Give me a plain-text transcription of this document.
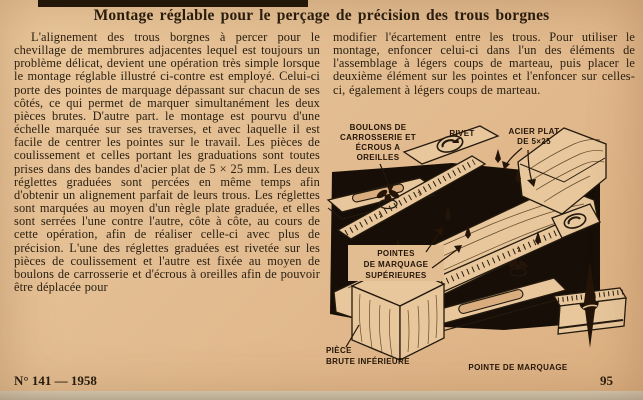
Montage réglable pour le perçage de précision des trous borgnes

L'alignement des trous borgnes à percer pour le chevillage de membrures adjacentes lequel est toujours un problème délicat, devient une opération très simple lorsque le montage réglable illustré ci-contre est employé. Celui-ci porte des pointes de marquage dépassant sur chacun de ses côtés, ce qui permet de marquer simultanément les deux pièces brutes. D'autre part. le montage est pourvu d'une échelle marquée sur ses traverses, et avec laquelle il est facile de centrer les pointes sur le travail. Les pièces de coulissement et celles portant les graduations sont toutes prises dans des bandes d'acier plat de 5 × 25 mm. Les deux réglettes graduées sont percées en même temps afin d'obtenir un alignement parfait de leurs trous. Les réglettes sont marquées au moyen d'un règle plate graduée, et elles sont serrées l'une contre l'autre, côte à côte, au cours de cette opération, afin de réaliser celle-ci avec plus de précision. L'une des réglettes graduées est rivetée sur les pièces de coulissement et l'autre est fixée au moyen de boulons de carrosserie et d'écrous à oreilles afin de pouvoir être déplacée pour

modifier l'écartement entre les trous. Pour utiliser le montage, enfoncer celui-ci dans l'un des éléments de l'assemblage à légers coups de marteau, puis placer le deuxième élément sur les pointes et l'enfoncer sur celles-ci, également à légers coups de marteau.

BOULONS DE
CARROSSERIE ET
ÉCROUS A
OREILLES
RIVET	ACIER PLAT
DE 5×25
POINTES
DE MARQUAGE
SUPÉRIEURES
PIÈCE
BRUTE INFÉRIEURE
POINTE DE MARQUAGE
2
3
2
N° 141 — 1958	95
